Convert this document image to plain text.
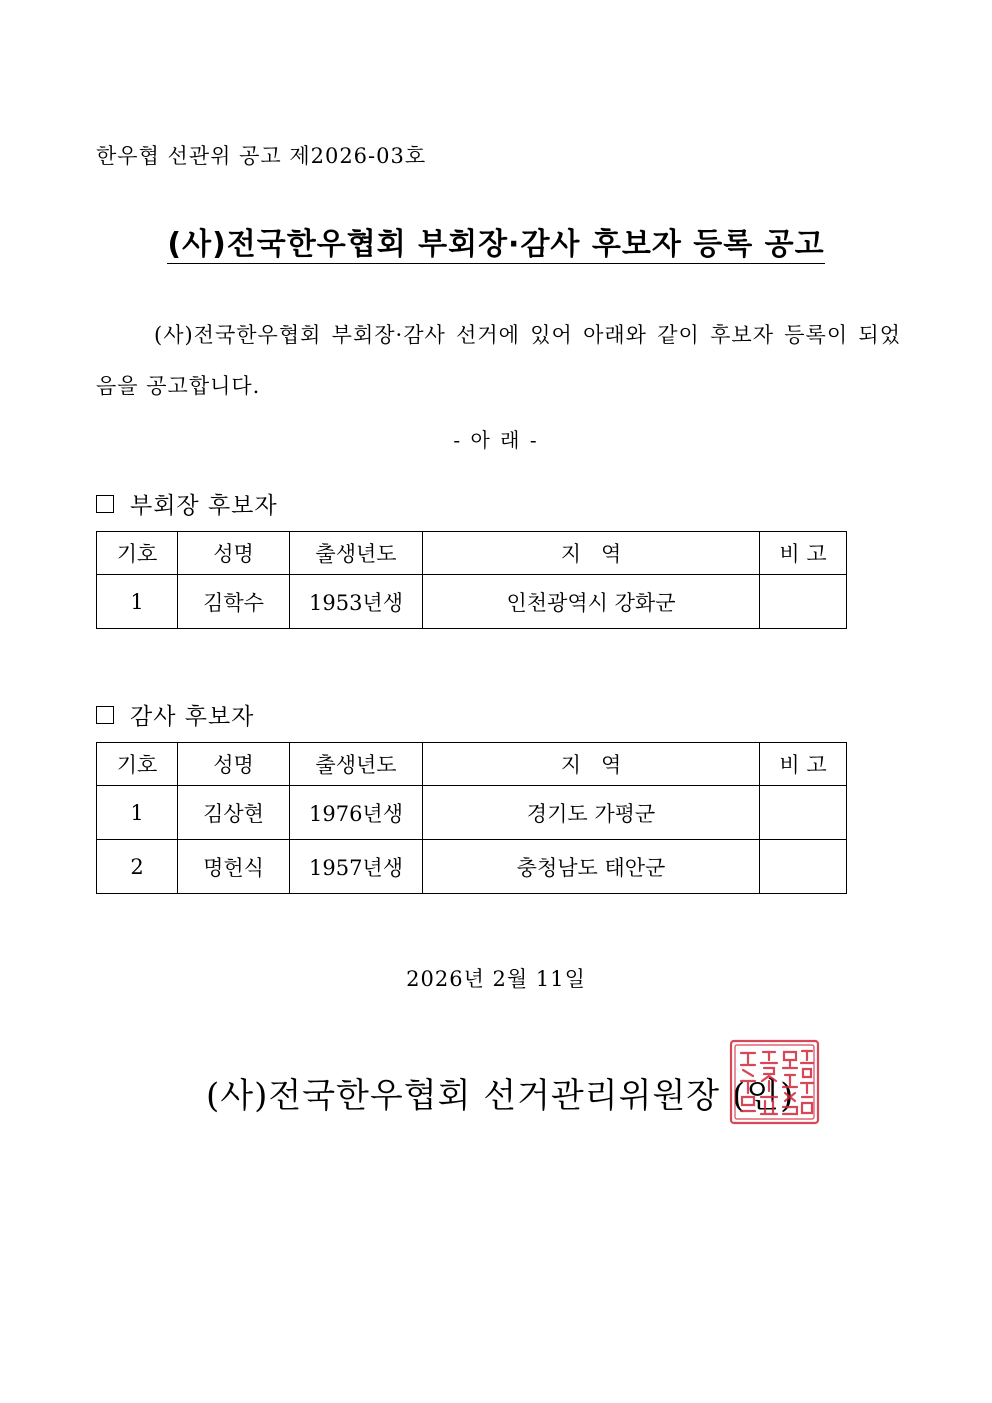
한우협 선관위 공고 제2026-03호
(사)전국한우협회 부회장·감사 후보자 등록 공고

(사)전국한우협회 부회장·감사 선거에 있어 아래와 같이 후보자 등록이 되었음을 공고합니다.

- 아 래 -
부회장 후보자
기호	성명	출생년도	지   역	비 고
1	김학수	1953년생	인천광역시 강화군	
감사 후보자
기호	성명	출생년도	지   역	비 고
1	김상현	1976년생	경기도 가평군	
2	명헌식	1957년생	충청남도 태안군	
2026년 2월 11일
(사)전국한우협회 선거관리위원장 (인)
